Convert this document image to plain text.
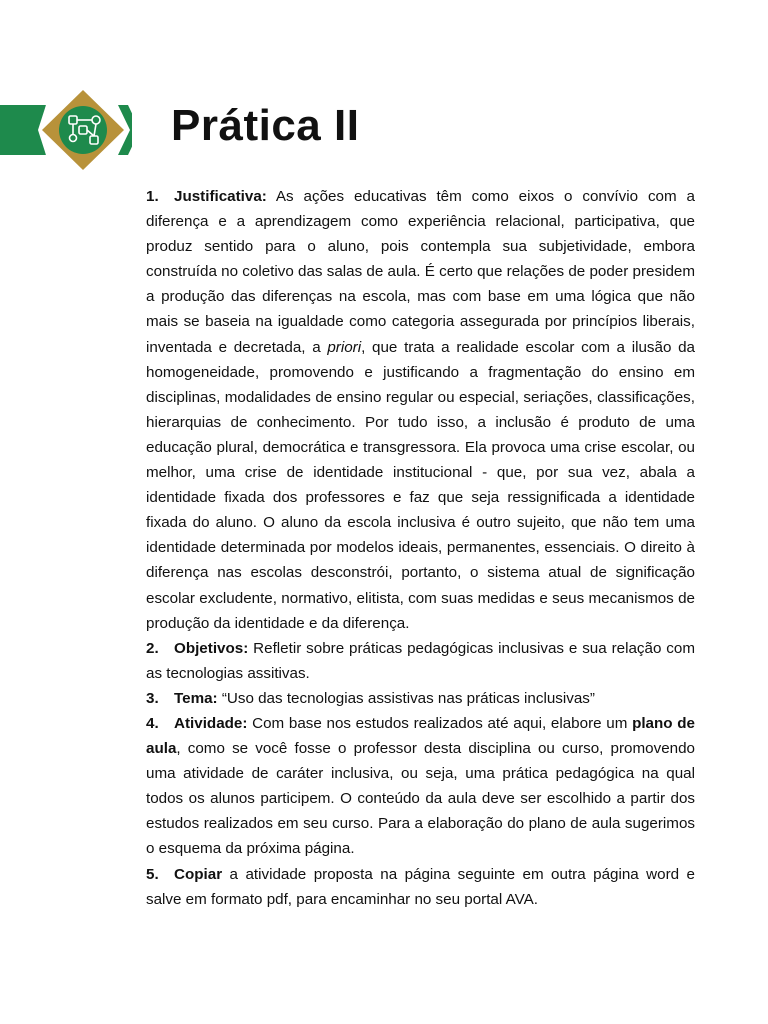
Prática II

1. Justificativa: As ações educativas têm como eixos o convívio com a diferença e a aprendizagem como experiência relacional, participativa, que produz sentido para o aluno, pois contempla sua subjetividade, embora construída no coletivo das salas de aula. É certo que relações de poder presidem a produção das diferenças na escola, mas com base em uma lógica que não mais se baseia na igualdade como categoria assegurada por princípios liberais, inventada e decretada, a priori, que trata a realidade escolar com a ilusão da homogeneidade, promovendo e justificando a fragmentação do ensino em disciplinas, modalidades de ensino regular ou especial, seriações, classificações, hierarquias de conhecimento. Por tudo isso, a inclusão é produto de uma educação plural, democrática e transgressora. Ela provoca uma crise escolar, ou melhor, uma crise de identidade institucional - que, por sua vez, abala a identidade fixada dos professores e faz que seja ressignificada a identidade fixada do aluno. O aluno da escola inclusiva é outro sujeito, que não tem uma identidade determinada por modelos ideais, permanentes, essenciais. O direito à diferença nas escolas desconstrói, portanto, o sistema atual de significação escolar excludente, normativo, elitista, com suas medidas e seus mecanismos de produção da identidade e da diferença.

2. Objetivos: Refletir sobre práticas pedagógicas inclusivas e sua relação com as tecnologias assitivas.

3. Tema: “Uso das tecnologias assistivas nas práticas inclusivas”

4. Atividade: Com base nos estudos realizados até aqui, elabore um plano de aula, como se você fosse o professor desta disciplina ou curso, promovendo uma atividade de caráter inclusiva, ou seja, uma prática pedagógica na qual todos os alunos participem. O conteúdo da aula deve ser escolhido a partir dos estudos realizados em seu curso. Para a elaboração do plano de aula sugerimos o esquema da próxima página.

5. Copiar a atividade proposta na página seguinte em outra página word e salve em formato pdf, para encaminhar no seu portal AVA.
